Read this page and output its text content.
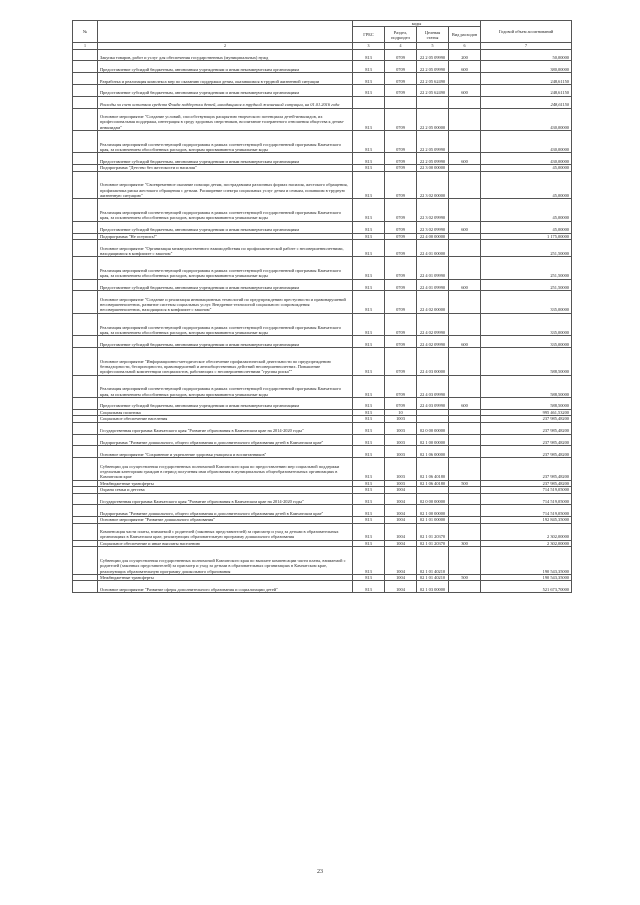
№		коды				Годовой объем ассигнований
		ГРБС	Раздел, подраздел	Целевая статья	Вид расходов	
1	2	3	4	5	6	7
	Закупка товаров, работ и услуг для обеспечения государственных (муниципальных) нужд	813	0709	22 2 05 09990	200	50,00000
	Предоставление субсидий бюджетным, автономным учреждениям и иным некоммерческим организациям	813	0709	22 2 05 09990	600	380,00000
	Разработка и реализация комплекса мер по оказанию поддержки детям, оказавшимся в трудной жизненной ситуации	813	0709	22 2 05 62490		248,61150
	Предоставление субсидий бюджетным, автономным учреждениям и иным некоммерческим организациям	813	0709	22 2 05 62490	600	248,61150
	Расходы за счет остатков средств Фонда поддержки детей, находящихся в трудной жизненной ситуации, на 01.01.2016 года					248,61150
	Основное мероприятие "Создание условий, способствующих раскрытию творческого потенциала детей-инвалидов, их профессиональная поддержка, интеграция в среду здоровых сверстников, воспитание толерантного отношения общества к детям-инвалидам"	813	0709	22 2 05 00000		430,00000
	Реализация мероприятий соответствующей подпрограммы в рамках соответствующей государственной программы Камчатского края, за исключением обособленных расходов, которым присваиваются уникальные коды	813	0709	22 2 05 09990		430,00000
	Предоставление субсидий бюджетным, автономным учреждениям и иным некоммерческим организациям	813	0709	22 2 05 09990	600	430,00000
	Подпрограмма "Детство без жестокости и насилия"	813	0709	22 3 00 00000		45,00000
	Основное мероприятие "Своевременное оказание помощи детям, пострадавшим различных формах насилия, жестокого обращения, профилактика риска жестокого обращения с детьми. Расширение спектра социальных услуг детям и семьям, попавшим в трудную жизненную ситуацию"	813	0709	22 3 02 00000		45,00000
	Реализация мероприятий соответствующей подпрограммы в рамках соответствующей государственной программы Камчатского края, за исключением обособленных расходов, которым присваиваются уникальные коды	813	0709	22 3 02 09990		45,00000
	Предоставление субсидий бюджетным, автономным учреждениям и иным некоммерческим организациям	813	0709	22 3 02 09990	600	45,00000
	Подпрограмма "Не оступись!"	813	0709	22 4 00 00000		1 175,00000
	Основное мероприятие "Организация межведомственного взаимодействия по профилактической работе с несовершеннолетними, находящимися в конфликте с законом"	813	0709	22 4 01 00000		251,50000
	Реализация мероприятий соответствующей подпрограммы в рамках соответствующей государственной программы Камчатского края, за исключением обособленных расходов, которым присваиваются уникальные коды	813	0709	22 4 01 09990		251,50000
	Предоставление субсидий бюджетным, автономным учреждениям и иным некоммерческим организациям	813	0709	22 4 01 09990	600	251,50000
	Основное мероприятие "Создание и реализация инновационных технологий по предупреждению преступности и правонарушений несовершеннолетних, развитие системы социальных услуг. Внедрение технологий социального сопровождения несовершеннолетних, находящихся в конфликте с законом"	813	0709	22 4 02 00000		335,00000
	Реализация мероприятий соответствующей подпрограммы в рамках соответствующей государственной программы Камчатского края, за исключением обособленных расходов, которым присваиваются уникальные коды	813	0709	22 4 02 09990		335,00000
	Предоставление субсидий бюджетным, автономным учреждениям и иным некоммерческим организациям	813	0709	22 4 02 09990	600	335,00000
	Основное мероприятие "Информационно-методическое обеспечение профилактической деятельности по предупреждению безнадзорности, беспризорности, правонарушений и антиобщественных действий несовершеннолетних. Повышение профессиональной компетенции специалистов, работающих с несовершеннолетними "группы риска""	813	0709	22 4 03 00000		588,50000
	Реализация мероприятий соответствующей подпрограммы в рамках соответствующей государственной программы Камчатского края, за исключением обособленных расходов, которым присваиваются уникальные коды	813	0709	22 4 03 09990		588,50000
	Предоставление субсидий бюджетным, автономным учреждениям и иным некоммерческим организациям	813	0709	22 4 03 09990	600	588,50000
	Социальная политика	813	10			995 461,53200
	Социальное обеспечение населения	813	1003			237 985,48200
	Государственная программа Камчатского края "Развитие образования в Камчатском крае на 2014-2020 годы"	813	1003	02 0 00 00000		237 985,48200
	Подпрограмма "Развитие дошкольного, общего образования и дополнительного образования детей в Камчатском крае"	813	1003	02 1 00 00000		237 985,48200
	Основное мероприятие "Сохранение и укрепление здоровья учащихся и воспитанников"	813	1003	02 1 06 00000		237 985,48200
	Субвенции для осуществления государственных полномочий Камчатского края по предоставлению мер социальной поддержки отдельным категориям граждан в период получения ими образования в муниципальных общеобразовательных организациях в Камчатском крае	813	1003	02 1 06 40180		237 985,48200
	Межбюджетные трансферты	813	1003	02 1 06 40180	500	237 985,48200
	Охрана семьи и детства	813	1004			714 519,05000
	Государственная программа Камчатского края "Развитие образования в Камчатском крае на 2014-2020 годы"	813	1004	02 0 00 00000		714 519,05000
	Подпрограмма "Развитие дошкольного, общего образования и дополнительного образования детей в Камчатском крае"	813	1004	02 1 00 00000		714 519,05000
	Основное мероприятие "Развитие дошкольного образования"	813	1004	02 1 01 00000		192 845,35000
	Компенсация части платы, взимаемой с родителей (законных представителей) за присмотр и уход за детьми в образовательных организациях в Камчатском крае, реализующих образовательную программу дошкольного образования	813	1004	02 1 01 20370		2 302,00000
	Социальное обеспечение и иные выплаты населению	813	1004	02 1 01 20370	300	2 302,00000
	Субвенции для осуществления государственных полномочий Камчатского края по выплате компенсации части платы, взимаемой с родителей (законных представителей) за присмотр и уход за детьми в образовательных организациях в Камчатском крае, реализующих образовательную программу дошкольного образования	813	1004	02 1 01 40210		190 543,35000
	Межбюджетные трансферты	813	1004	02 1 01 40210	500	190 543,35000
	Основное мероприятие "Развитие сферы дополнительного образования и социализации детей"	813	1004	02 1 03 00000		521 673,70000
23
